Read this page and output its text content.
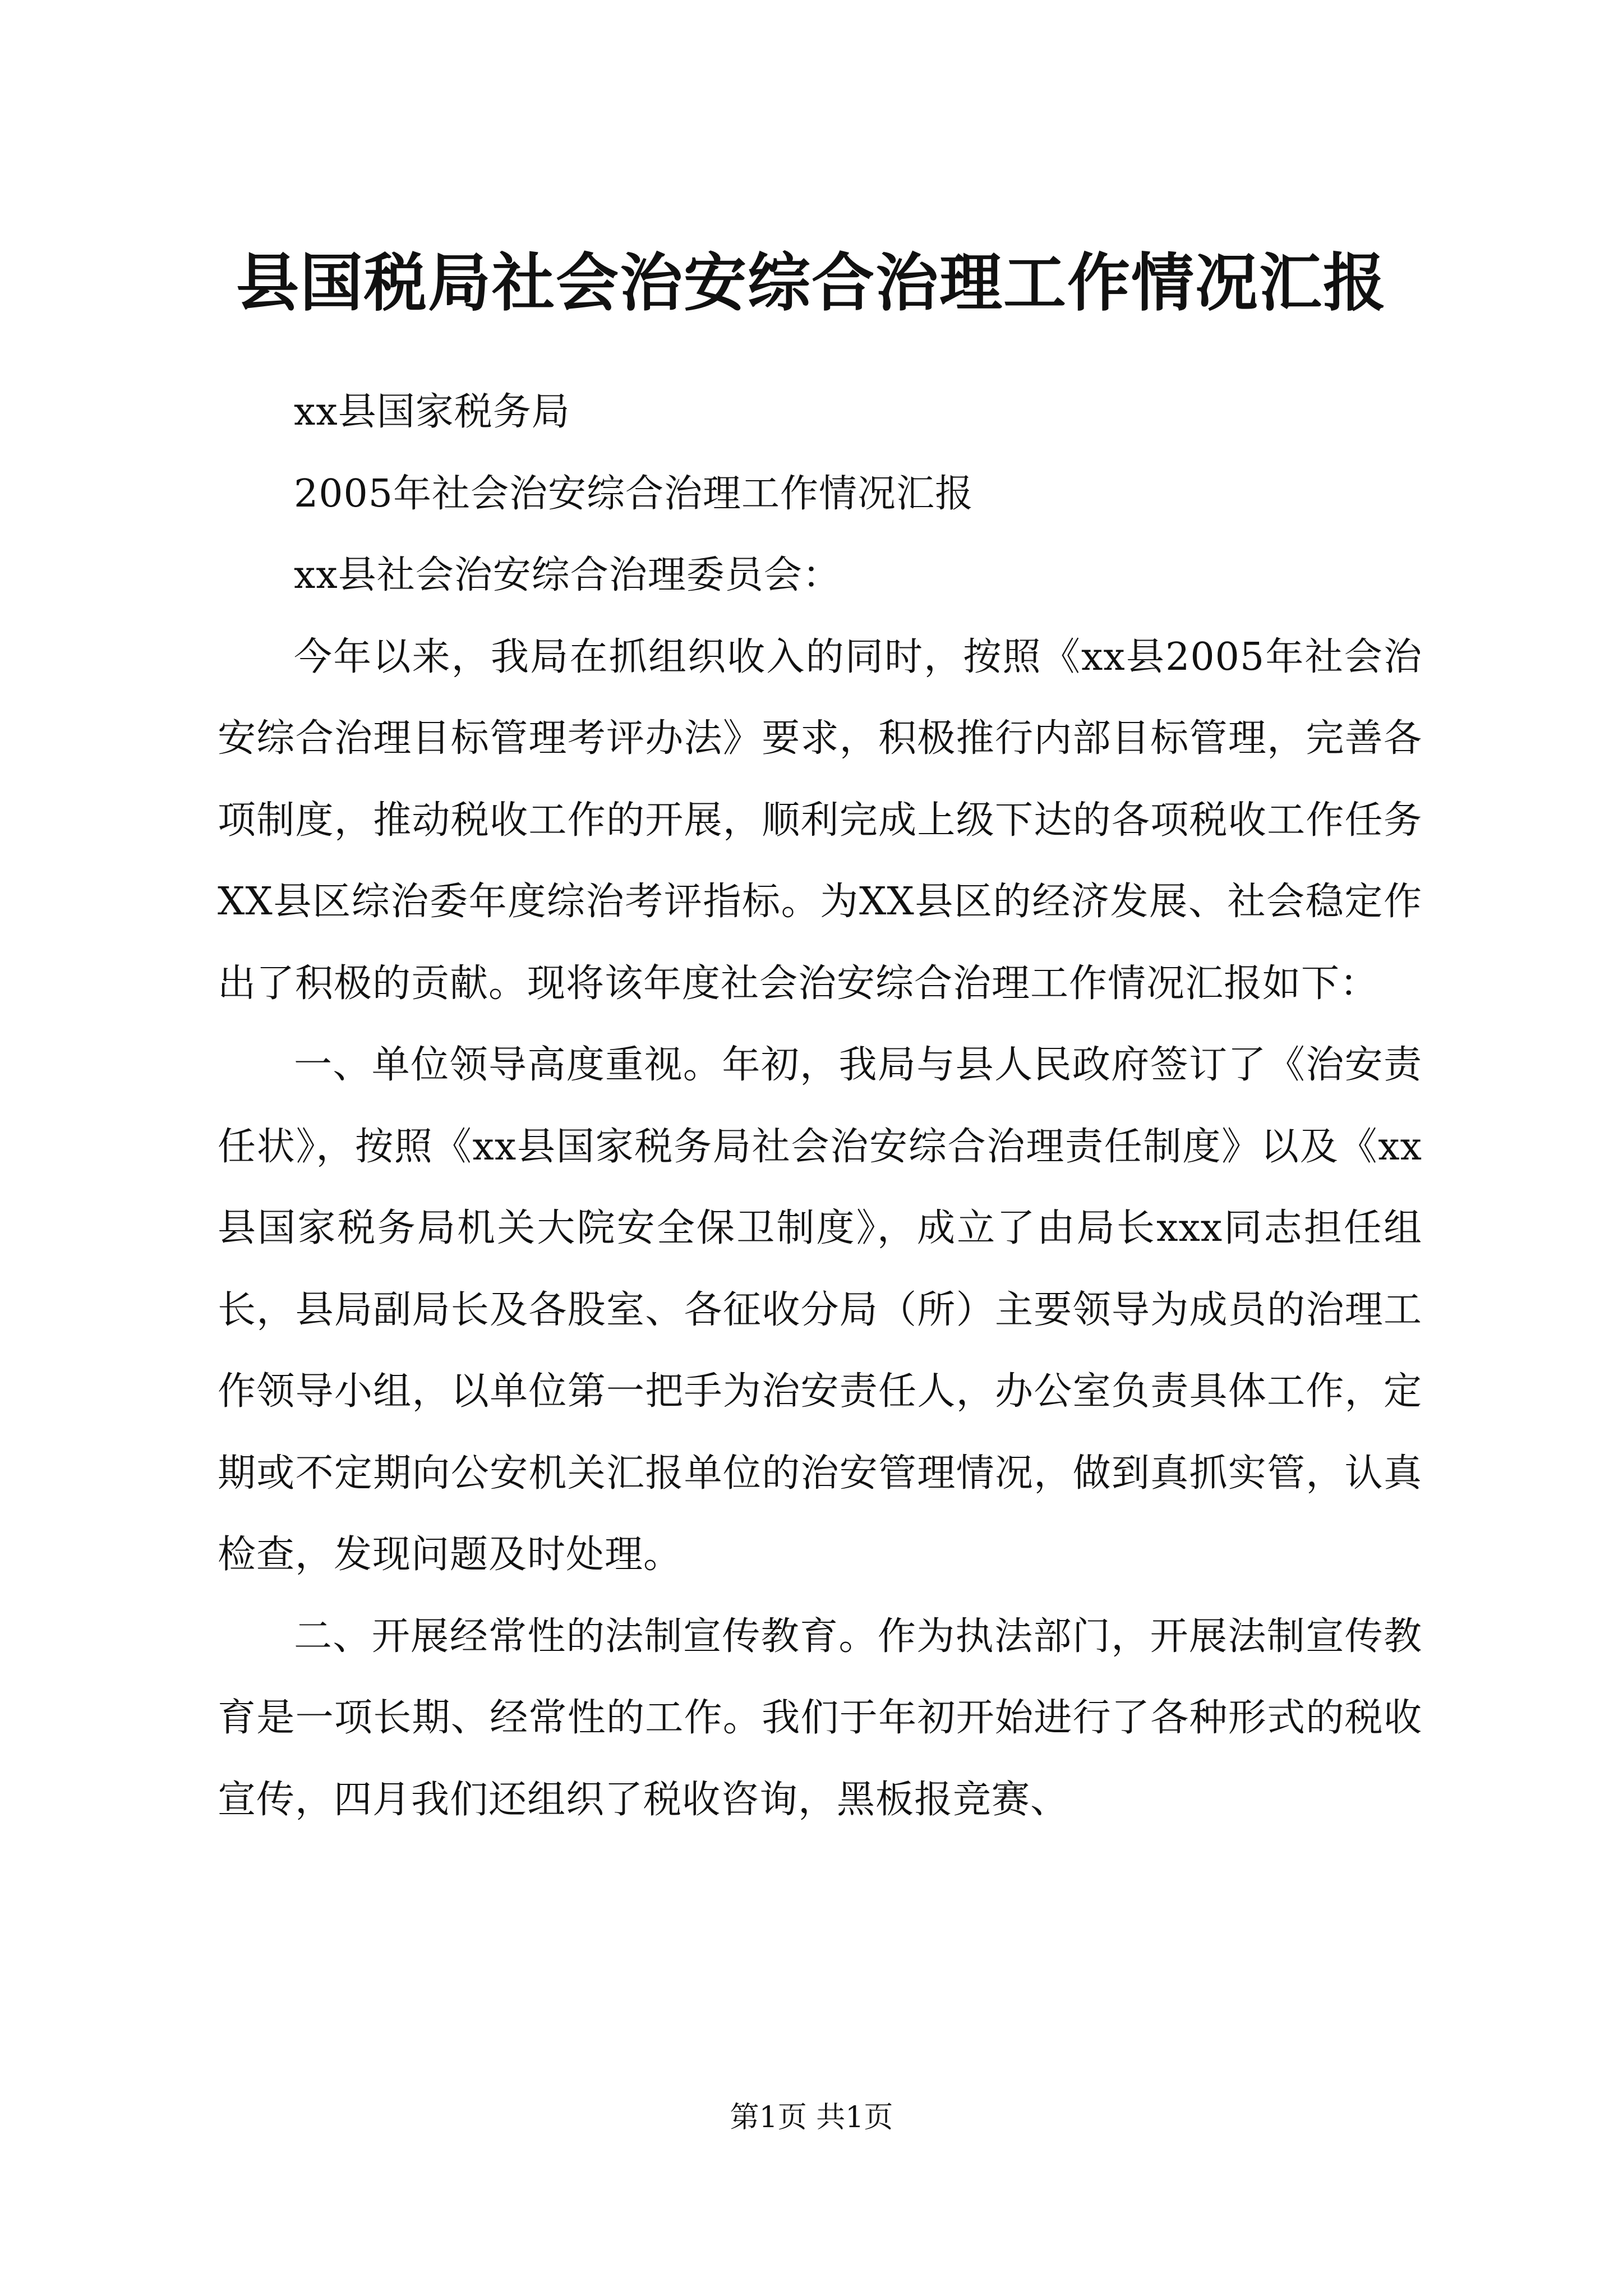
县国税局社会治安综合治理工作情况汇报

xx县国家税务局

2005年社会治安综合治理工作情况汇报

xx县社会治安综合治理委员会：

今年以来，我局在抓组织收入的同时，按照《xx县2005年社会治安综合治理目标管理考评办法》要求，积极推行内部目标管理，完善各项制度，推动税收工作的开展，顺利完成上级下达的各项税收工作任务XX县区综治委年度综治考评指标。为XX县区的经济发展、社会稳定作出了积极的贡献。现将该年度社会治安综合治理工作情况汇报如下：

一、单位领导高度重视。年初，我局与县人民政府签订了《治安责任状》，按照《xx县国家税务局社会治安综合治理责任制度》以及《xx县国家税务局机关大院安全保卫制度》，成立了由局长xxx同志担任组长，县局副局长及各股室、各征收分局（所）主要领导为成员的治理工作领导小组，以单位第一把手为治安责任人，办公室负责具体工作，定期或不定期向公安机关汇报单位的治安管理情况，做到真抓实管，认真检查，发现问题及时处理。

二、开展经常性的法制宣传教育。作为执法部门，开展法制宣传教育是一项长期、经常性的工作。我们于年初开始进行了各种形式的税收宣传，四月我们还组织了税收咨询，黑板报竞赛、

第1页 共1页
